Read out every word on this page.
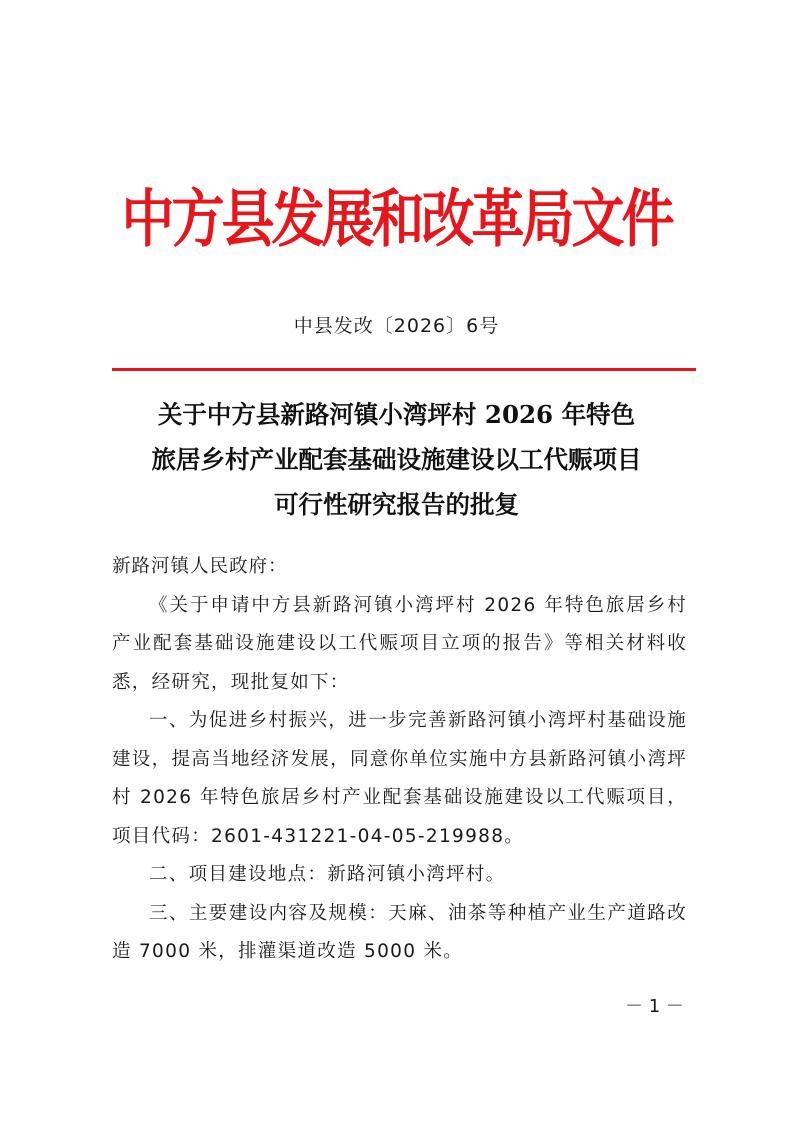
中方县发展和改革局文件
中县发改〔2026〕6号
关于中方县新路河镇小湾坪村 2026 年特色
旅居乡村产业配套基础设施建设以工代赈项目
可行性研究报告的批复
新路河镇人民政府：

《关于申请中方县新路河镇小湾坪村 2026 年特色旅居乡村产业配套基础设施建设以工代赈项目立项的报告》等相关材料收悉，经研究，现批复如下：

一、为促进乡村振兴，进一步完善新路河镇小湾坪村基础设施建设，提高当地经济发展，同意你单位实施中方县新路河镇小湾坪村 2026 年特色旅居乡村产业配套基础设施建设以工代赈项目，项目代码：2601-431221-04-05-219988。

二、项目建设地点：新路河镇小湾坪村。

三、主要建设内容及规模：天麻、油茶等种植产业生产道路改造 7000 米，排灌渠道改造 5000 米。

－ 1 －
